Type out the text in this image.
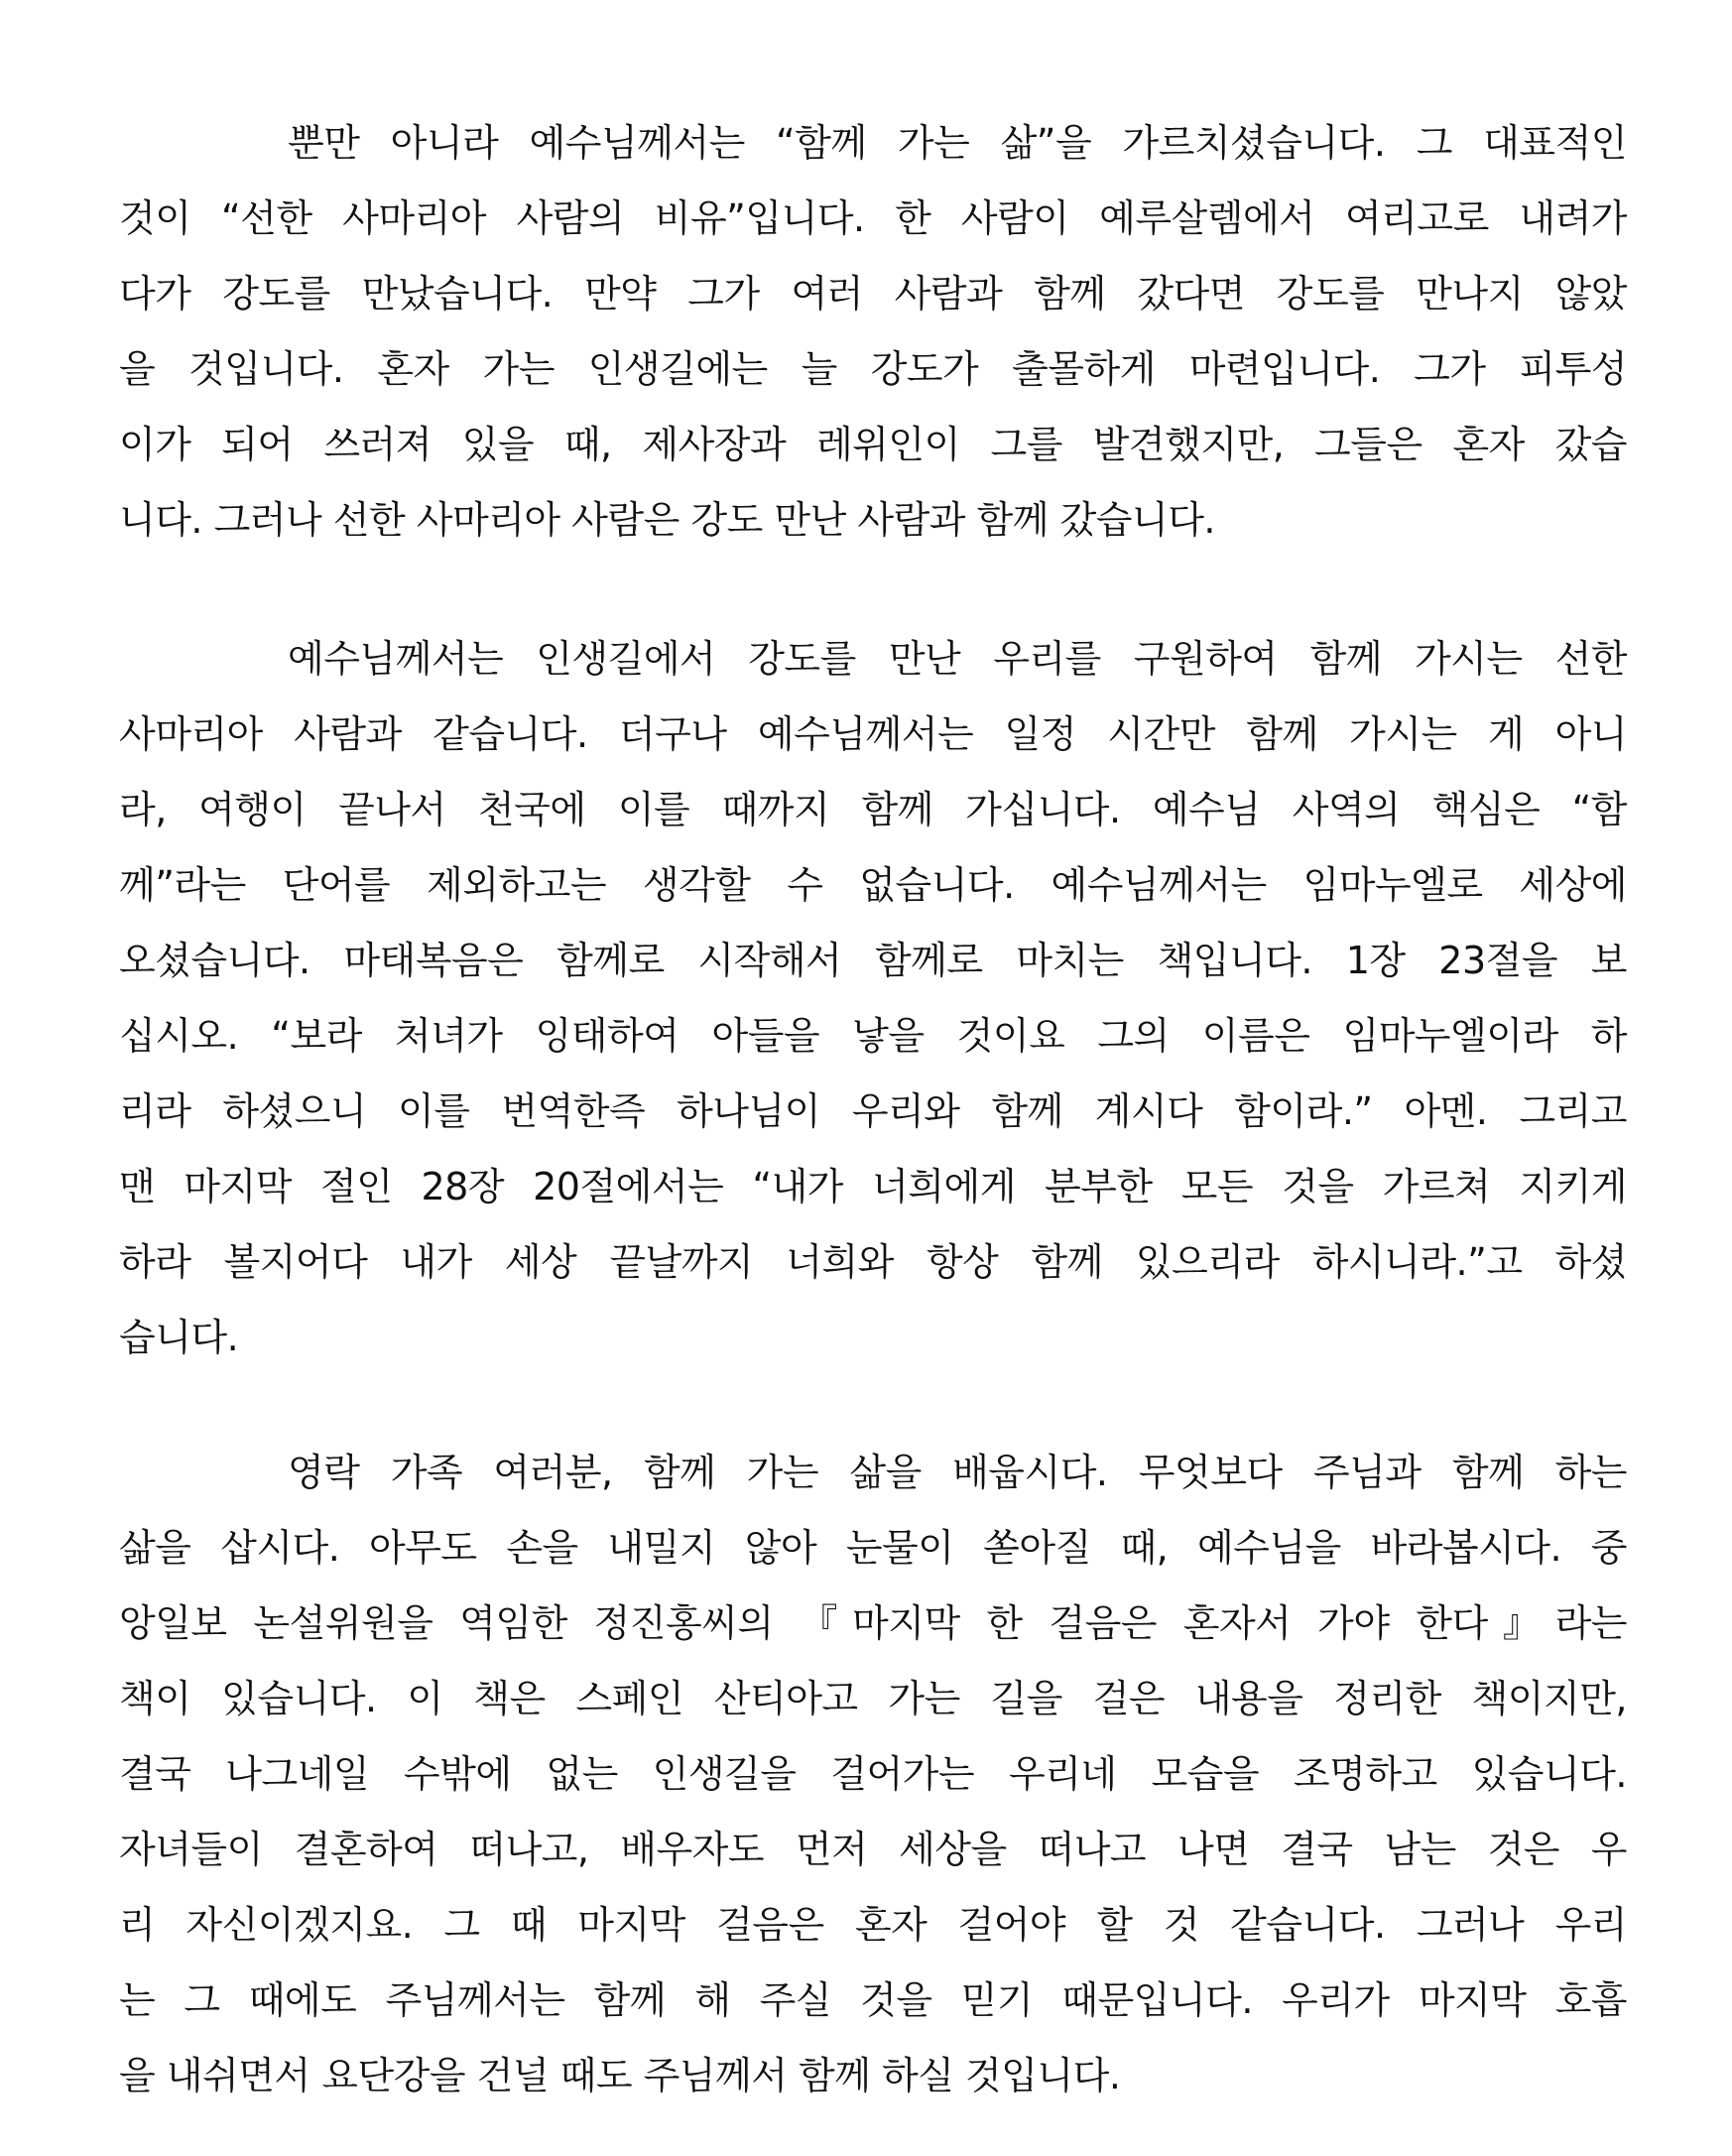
뿐만 아니라 예수님께서는 “함께 가는 삶”을 가르치셨습니다. 그 대표적인
것이 “선한 사마리아 사람의 비유”입니다. 한 사람이 예루살렘에서 여리고로 내려가
다가 강도를 만났습니다. 만약 그가 여러 사람과 함께 갔다면 강도를 만나지 않았
을 것입니다. 혼자 가는 인생길에는 늘 강도가 출몰하게 마련입니다. 그가 피투성
이가 되어 쓰러져 있을 때, 제사장과 레위인이 그를 발견했지만, 그들은 혼자 갔습
니다. 그러나 선한 사마리아 사람은 강도 만난 사람과 함께 갔습니다.
예수님께서는 인생길에서 강도를 만난 우리를 구원하여 함께 가시는 선한
사마리아 사람과 같습니다. 더구나 예수님께서는 일정 시간만 함께 가시는 게 아니
라, 여행이 끝나서 천국에 이를 때까지 함께 가십니다. 예수님 사역의 핵심은 “함
께”라는 단어를 제외하고는 생각할 수 없습니다. 예수님께서는 임마누엘로 세상에
오셨습니다. 마태복음은 함께로 시작해서 함께로 마치는 책입니다. 1장 23절을 보
십시오. “보라 처녀가 잉태하여 아들을 낳을 것이요 그의 이름은 임마누엘이라 하
리라 하셨으니 이를 번역한즉 하나님이 우리와 함께 계시다 함이라.” 아멘. 그리고
맨 마지막 절인 28장 20절에서는 “내가 너희에게 분부한 모든 것을 가르쳐 지키게
하라 볼지어다 내가 세상 끝날까지 너희와 항상 함께 있으리라 하시니라.”고 하셨
습니다.
영락 가족 여러분, 함께 가는 삶을 배웁시다. 무엇보다 주님과 함께 하는
삶을 삽시다. 아무도 손을 내밀지 않아 눈물이 쏟아질 때, 예수님을 바라봅시다. 중
앙일보 논설위원을 역임한 정진홍씨의 『마지막 한 걸음은 혼자서 가야 한다』라는
책이 있습니다. 이 책은 스페인 산티아고 가는 길을 걸은 내용을 정리한 책이지만,
결국 나그네일 수밖에 없는 인생길을 걸어가는 우리네 모습을 조명하고 있습니다.
자녀들이 결혼하여 떠나고, 배우자도 먼저 세상을 떠나고 나면 결국 남는 것은 우
리 자신이겠지요. 그 때 마지막 걸음은 혼자 걸어야 할 것 같습니다. 그러나 우리
는 그 때에도 주님께서는 함께 해 주실 것을 믿기 때문입니다. 우리가 마지막 호흡
을 내쉬면서 요단강을 건널 때도 주님께서 함께 하실 것입니다.
